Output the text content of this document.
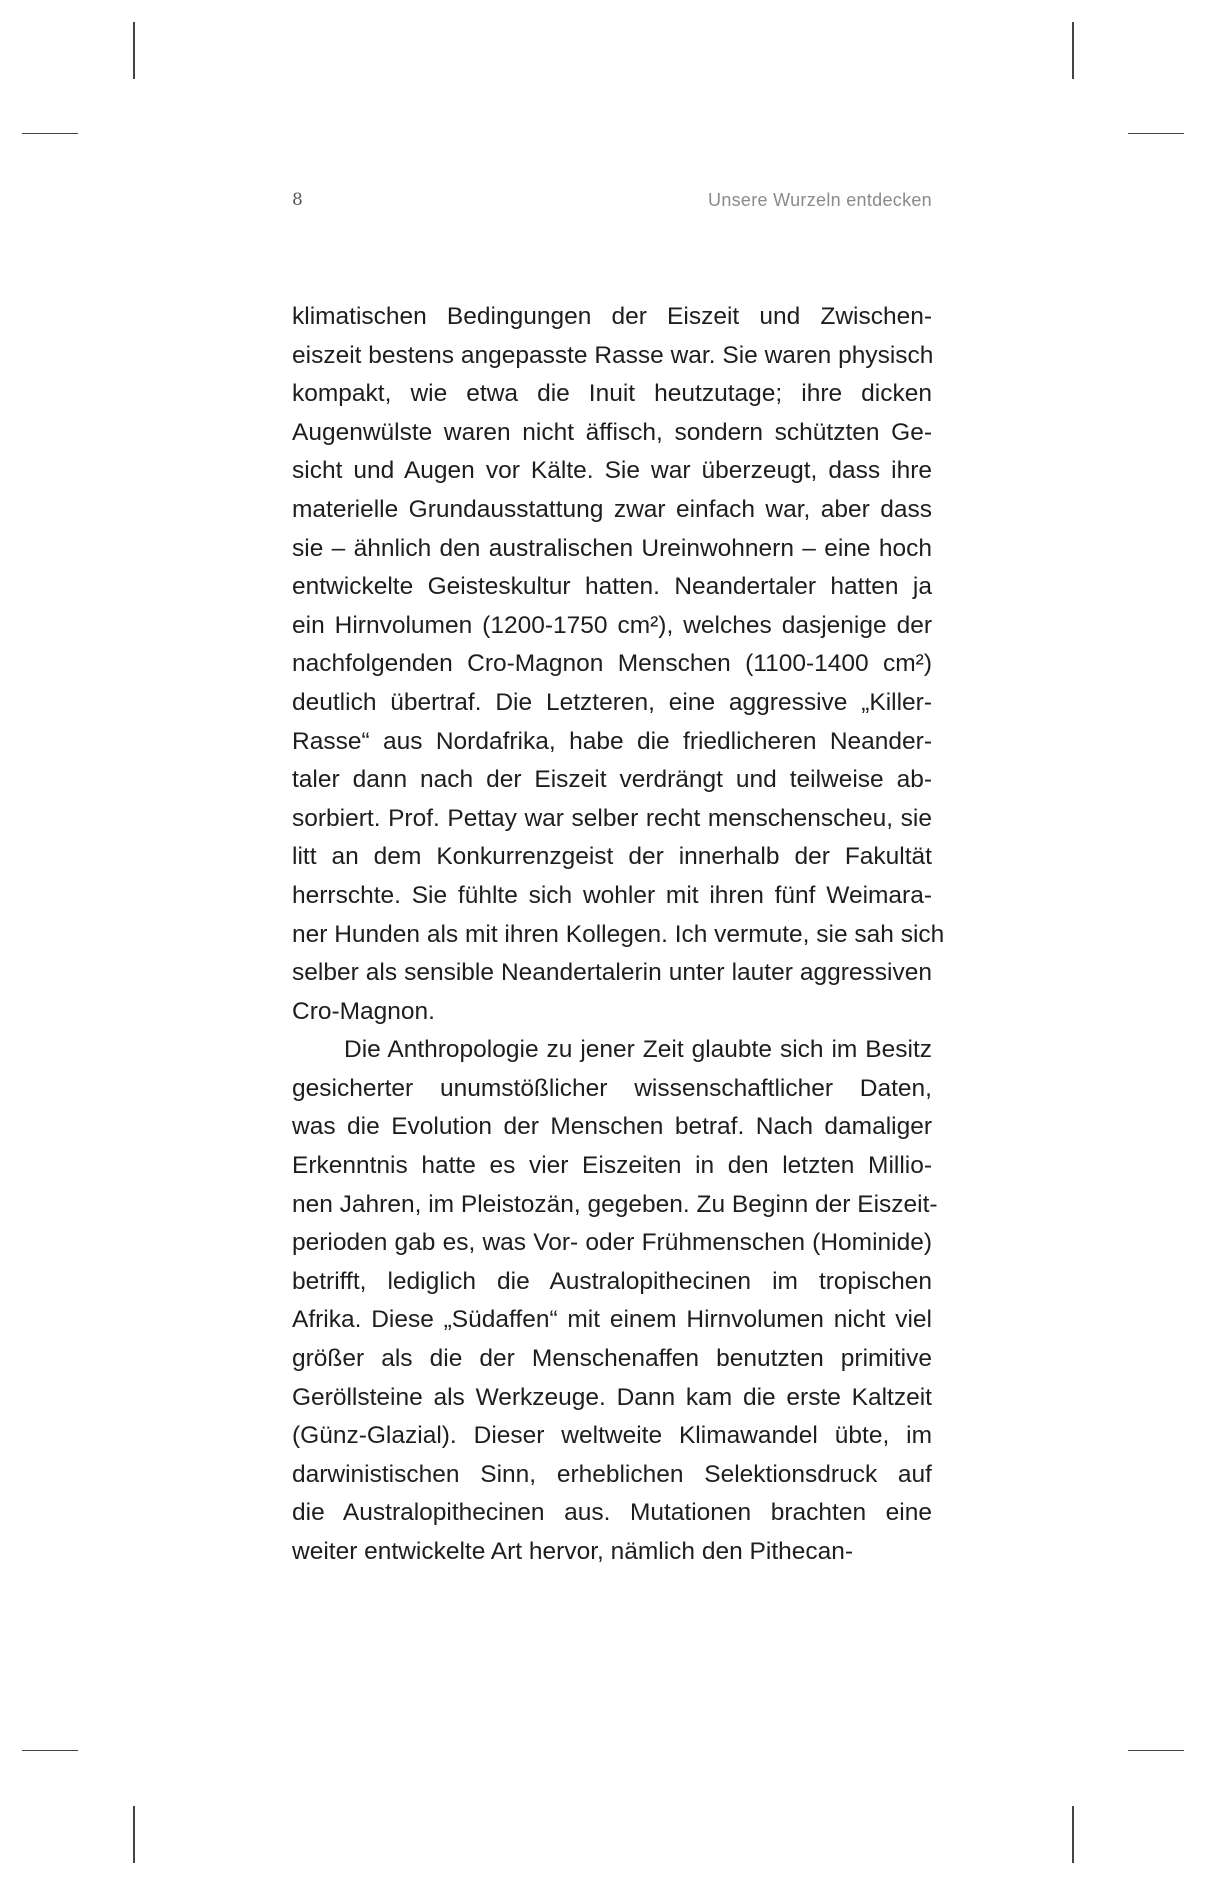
8	Unsere Wurzeln entdecken
klimatischen Bedingungen der Eiszeit und Zwischen-
eiszeit bestens angepasste Rasse war. Sie waren physisch
kompakt, wie etwa die Inuit heutzutage; ihre dicken
Augenwülste waren nicht äffisch, sondern schützten Ge-
sicht und Augen vor Kälte. Sie war überzeugt, dass ihre
materielle Grundausstattung zwar einfach war, aber dass
sie – ähnlich den australischen Ureinwohnern – eine hoch
entwickelte Geisteskultur hatten. Neandertaler hatten ja
ein Hirnvolumen (1200-1750 cm²), welches dasjenige der
nachfolgenden Cro-Magnon Menschen (1100-1400 cm²)
deutlich übertraf. Die Letzteren, eine aggressive „Killer-
Rasse“ aus Nordafrika, habe die friedlicheren Neander-
taler dann nach der Eiszeit verdrängt und teilweise ab-
sorbiert. Prof. Pettay war selber recht menschenscheu, sie
litt an dem Konkurrenzgeist der innerhalb der Fakultät
herrschte. Sie fühlte sich wohler mit ihren fünf Weimara-
ner Hunden als mit ihren Kollegen. Ich vermute, sie sah sich
selber als sensible Neandertalerin unter lauter aggressiven
Cro-Magnon.
Die Anthropologie zu jener Zeit glaubte sich im Besitz
gesicherter unumstößlicher wissenschaftlicher Daten,
was die Evolution der Menschen betraf. Nach damaliger
Erkenntnis hatte es vier Eiszeiten in den letzten Millio-
nen Jahren, im Pleistozän, gegeben. Zu Beginn der Eiszeit-
perioden gab es, was Vor- oder Frühmenschen (Hominide)
betrifft, lediglich die Australopithecinen im tropischen
Afrika. Diese „Südaffen“ mit einem Hirnvolumen nicht viel
größer als die der Menschenaffen benutzten primitive
Geröllsteine als Werkzeuge. Dann kam die erste Kaltzeit
(Günz-Glazial). Dieser weltweite Klimawandel übte, im
darwinistischen Sinn, erheblichen Selektionsdruck auf
die Australopithecinen aus. Mutationen brachten eine
weiter entwickelte Art hervor, nämlich den Pithecan-
